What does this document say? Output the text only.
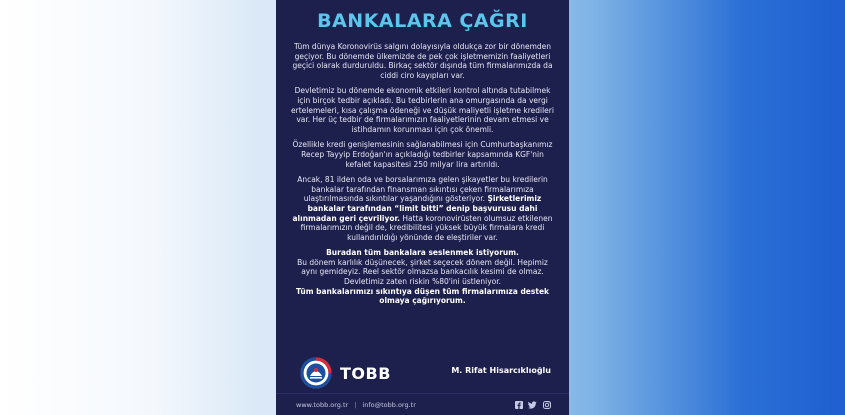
BANKALARA ÇAĞRI

Tüm dünya Koronovirüs salgını dolayısıyla oldukça zor bir dönemden geçiyor. Bu dönemde ülkemizde de pek çok işletmemizin faaliyetleri geçici olarak durduruldu. Birkaç sektör dışında tüm firmalarımızda da ciddi ciro kayıpları var.

Devletimiz bu dönemde ekonomik etkileri kontrol altında tutabilmek için birçok tedbir açıkladı. Bu tedbirlerin ana omurgasında da vergi ertelemeleri, kısa çalışma ödeneği ve düşük maliyetli işletme kredileri var. Her üç tedbir de firmalarımızın faaliyetlerinin devam etmesi ve istihdamın korunması için çok önemli.

Özellikle kredi genişlemesinin sağlanabilmesi için Cumhurbaşkanımız Recep Tayyip Erdoğan'ın açıkladığı tedbirler kapsamında KGF'nin kefalet kapasitesi 250 milyar lira artırıldı.

Ancak, 81 ilden oda ve borsalarımıza gelen şikayetler bu kredilerin bankalar tarafından finansman sıkıntısı çeken firmalarımıza ulaştırılmasında sıkıntılar yaşandığını gösteriyor. Şirketlerimiz bankalar tarafından “limit bitti” denip başvurusu dahi alınmadan geri çevriliyor. Hatta koronovirüsten olumsuz etkilenen firmalarımızın değil de, kredibilitesi yüksek büyük firmalara kredi kullandırıldığı yönünde de eleştiriler var.

Buradan tüm bankalara seslenmek istiyorum.
Bu dönem karlılık düşünecek, şirket seçecek dönem değil. Hepimiz aynı gemideyiz. Reel sektör olmazsa bankacılık kesimi de olmaz. Devletimiz zaten riskin %80'ini üstleniyor.
Tüm bankalarımızı sıkıntıya düşen tüm firmalarımıza destek olmaya çağırıyorum.

TOBB	M. Rifat Hisarcıklıoğlu
www.tobb.org.tr | info@tobb.org.tr
